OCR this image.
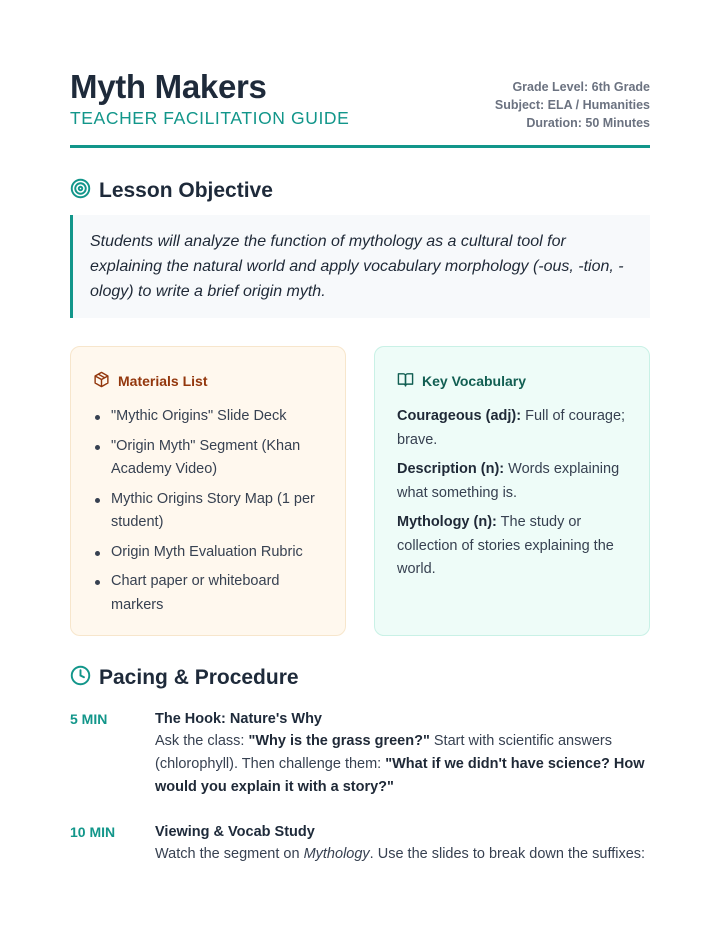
Myth Makers
TEACHER FACILITATION GUIDE
Grade Level: 6th Grade
Subject: ELA / Humanities
Duration: 50 Minutes
Lesson Objective

Students will analyze the function of mythology as a cultural tool for explaining the natural world and apply vocabulary morphology (-ous, -tion, -ology) to write a brief origin myth.

Materials List
"Mythic Origins" Slide Deck
"Origin Myth" Segment (Khan Academy Video)
Mythic Origins Story Map (1 per student)
Origin Myth Evaluation Rubric
Chart paper or whiteboard markers
Key Vocabulary
Courageous (adj): Full of courage; brave.
Description (n): Words explaining what something is.
Mythology (n): The study or collection of stories explaining the world.
Pacing & Procedure
5 MIN	The Hook: Nature's Why
Ask the class: "Why is the grass green?" Start with scientific answers (chlorophyll). Then challenge them: "What if we didn't have science? How would you explain it with a story?"
10 MIN	Viewing & Vocab Study
Watch the segment on Mythology. Use the slides to break down the suffixes:
